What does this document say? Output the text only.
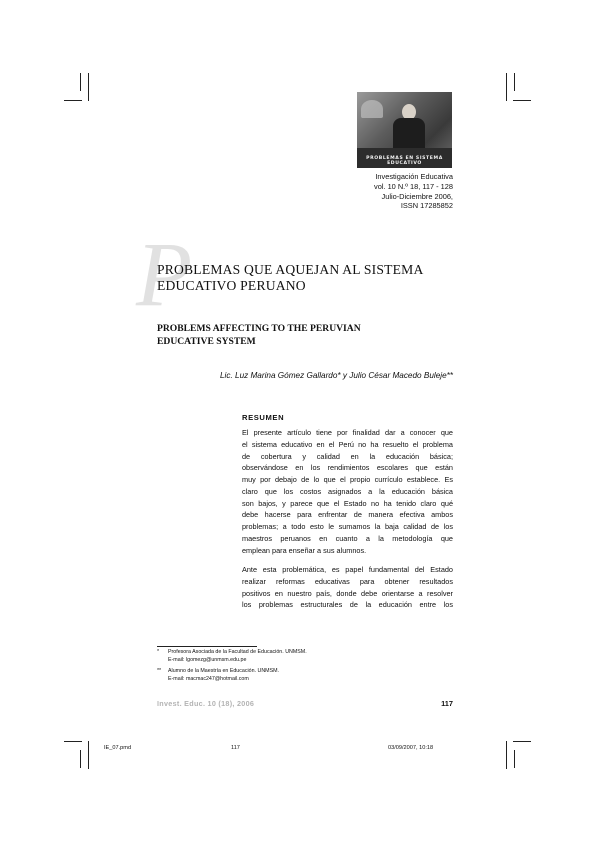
PROBLEMAS EN SISTEMA EDUCATIVO
Investigación Educativa
vol. 10 N.º 18, 117 - 128
Julio-Diciembre 2006,
ISSN 17285852
P
PROBLEMAS QUE AQUEJAN AL SISTEMA
EDUCATIVO PERUANO
PROBLEMS AFFECTING TO THE PERUVIAN
EDUCATIVE SYSTEM
Lic. Luz Marina Gómez Gallardo* y Julio César Macedo Buleje**
RESUMEN
El presente artículo tiene por finalidad dar a conocer que
el sistema educativo en el Perú no ha resuelto el problema
de cobertura y calidad en la educación básica;
observándose en los rendimientos escolares que están
muy por debajo de lo que el propio currículo establece. Es
claro que los costos asignados a la educación básica
son bajos, y parece que el Estado no ha tenido claro qué
debe hacerse para enfrentar de manera efectiva ambos
problemas; a todo esto le sumamos la baja calidad de los
maestros peruanos en cuanto a la metodología que
emplean para enseñar a sus alumnos.
Ante esta problemática, es papel fundamental del Estado
realizar reformas educativas para obtener resultados
positivos en nuestro país, donde debe orientarse a resolver
los problemas estructurales de la educación entre los
* Profesora Asociada de la Facultad de Educación. UNMSM.
E-mail: lgomezg@unmsm.edu.pe
** Alumno de la Maestría en Educación. UNMSM.
E-mail: macmac247@hotmail.com
Invest. Educ. 10 (18), 2006	117
IE_07.pmd	117	03/09/2007, 10:18
